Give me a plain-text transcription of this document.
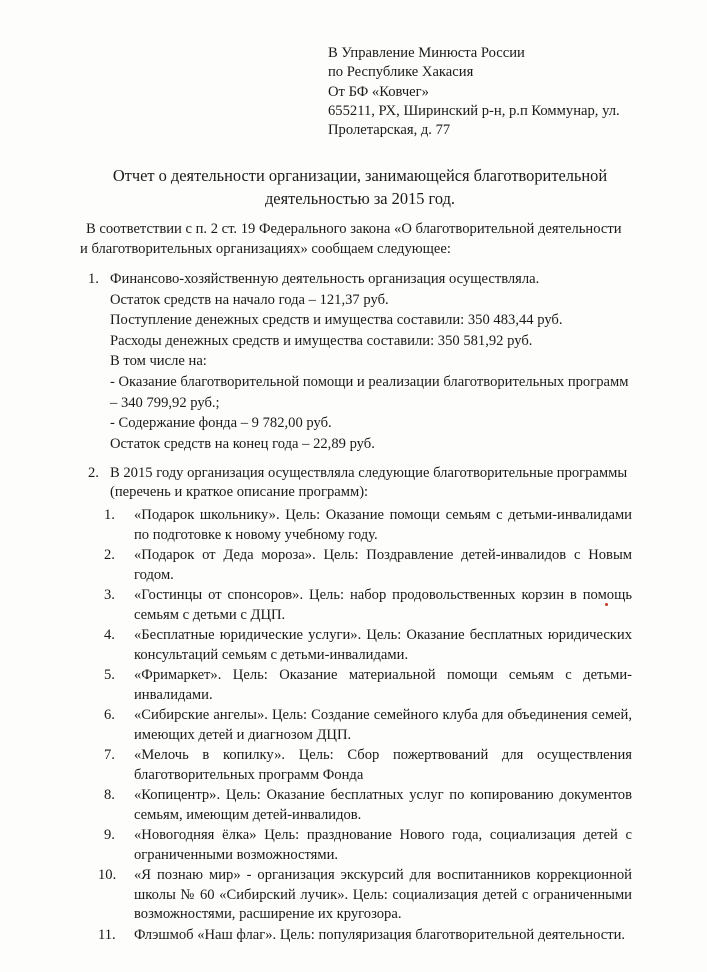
В Управление Минюста России
по Республике Хакасия
От БФ «Ковчег»
655211, РХ, Ширинский р-н, р.п Коммунар, ул.
Пролетарская, д. 77
Отчет о деятельности организации, занимающейся благотворительной
деятельностью за 2015 год.
В соответствии с п. 2 ст. 19 Федерального закона «О благотворительной деятельности
и благотворительных организациях» сообщаем следующее:
1. Финансово-хозяйственную деятельность организация осуществляла.
Остаток средств на начало года – 121,37 руб.
Поступление денежных средств и имущества составили: 350 483,44 руб.
Расходы денежных средств и имущества составили: 350 581,92 руб.
В том числе на:
- Оказание благотворительной помощи и реализации благотворительных программ
– 340 799,92 руб.;
- Содержание фонда – 9 782,00 руб.
Остаток средств на конец года – 22,89 руб.
2. В 2015 году организация осуществляла следующие благотворительные программы (перечень и краткое описание программ):
1.	«Подарок школьнику». Цель: Оказание помощи семьям с детьми-инвалидами по подготовке к новому учебному году.
2.	«Подарок от Деда мороза». Цель: Поздравление детей-инвалидов с Новым годом.
3.	«Гостинцы от спонсоров». Цель: набор продовольственных корзин в помощь семьям с детьми с ДЦП.
4.	«Бесплатные юридические услуги». Цель: Оказание бесплатных юридических консультаций семьям с детьми-инвалидами.
5.	«Фримаркет». Цель: Оказание материальной помощи семьям с детьми-инвалидами.
6.	«Сибирские ангелы». Цель: Создание семейного клуба для объединения семей, имеющих детей и диагнозом ДЦП.
7.	«Мелочь в копилку». Цель: Сбор пожертвований для осуществления благотворительных программ Фонда
8.	«Копицентр». Цель: Оказание бесплатных услуг по копированию документов семьям, имеющим детей-инвалидов.
9.	«Новогодняя ёлка» Цель: празднование Нового года, социализация детей с ограниченными возможностями.
10.	«Я познаю мир» - организация экскурсий для воспитанников коррекционной школы № 60 «Сибирский лучик». Цель: социализация детей с ограниченными возможностями, расширение их кругозора.
11.	Флэшмоб «Наш флаг». Цель: популяризация благотворительной деятельности.
